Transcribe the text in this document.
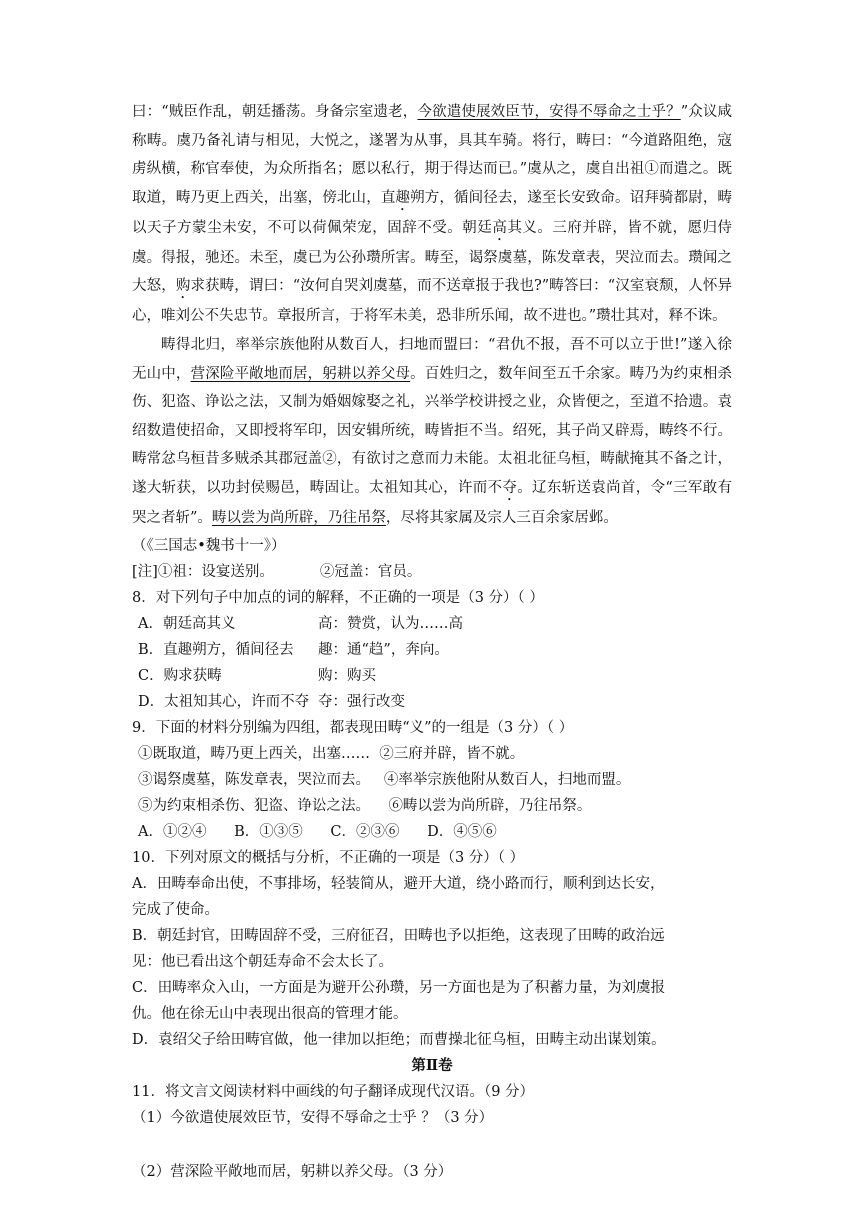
曰：“贼臣作乱，朝廷播荡。身备宗室遗老，今欲遣使展效臣节，安得不辱命之士乎？”众议咸称畴。虞乃备礼请与相见，大悦之，遂署为从事，具其车骑。将行，畴曰：“今道路阻绝，寇虏纵横，称官奉使，为众所指名；愿以私行，期于得达而已。”虞从之，虞自出祖①而遣之。既取道，畴乃更上西关，出塞，傍北山，直趣朔方，循间径去，遂至长安致命。诏拜骑都尉，畴以天子方蒙尘未安，不可以荷佩荣宠，固辞不受。朝廷高其义。三府并辟，皆不就，愿归侍虞。得报，驰还。未至，虞已为公孙瓒所害。畴至，谒祭虞墓，陈发章表，哭泣而去。瓒闻之大怒，购求获畴，谓曰：“汝何自哭刘虞墓，而不送章报于我也?”畴答曰：“汉室衰颓，人怀异心，唯刘公不失忠节。章报所言，于将军未美，恐非所乐闻，故不进也。”瓒壮其对，释不诛。

畴得北归，率举宗族他附从数百人，扫地而盟曰：“君仇不报，吾不可以立于世!”遂入徐无山中，营深险平敞地而居，躬耕以养父母。百姓归之，数年间至五千余家。畴乃为约束相杀伤、犯盗、诤讼之法，又制为婚姻嫁娶之礼，兴举学校讲授之业，众皆便之，至道不拾遗。袁绍数遣使招命，又即授将军印，因安辑所统，畴皆拒不当。绍死，其子尚又辟焉，畴终不行。畴常忿乌桓昔多贼杀其郡冠盖②，有欲讨之意而力未能。太祖北征乌桓，畴献掩其不备之计，遂大斩获，以功封侯赐邑，畴固让。太祖知其心，许而不夺。辽东斩送袁尚首，令“三军敢有哭之者斩”。畴以尝为尚所辟，乃往吊祭，尽将其家属及宗人三百余家居邺。

（《三国志•魏书十一》）

[注]①祖：设宴送别。          ②冠盖：官员。

8．对下列句子中加点的词的解释，不正确的一项是（3 分）（ ）

A．朝廷高其义	高：赞赏，认为……高

B．直趣朔方，循间径去 趣：通“趋”，奔向。

C．购求获畴	购：购买

D．太祖知其心，许而不夺 夺：强行改变

9．下面的材料分别编为四组，都表现田畴“义”的一组是（3 分）（ ）

①既取道，畴乃更上西关，出塞…… ②三府并辟，皆不就。

③谒祭虞墓，陈发章表，哭泣而去。 ④率举宗族他附从数百人，扫地而盟。

⑤为约束相杀伤、犯盗、诤讼之法。 ⑥畴以尝为尚所辟，乃往吊祭。

A．①②④      B．①③⑤      C．②③⑥      D．④⑤⑥

10．下列对原文的概括与分析，不正确的一项是（3 分）（ ）

A．田畴奉命出使，不事排场，轻装简从，避开大道，绕小路而行，顺利到达长安，

完成了使命。

B．朝廷封官，田畴固辞不受，三府征召，田畴也予以拒绝，这表现了田畴的政治远

见：他已看出这个朝廷寿命不会太长了。

C．田畴率众入山，一方面是为避开公孙瓒，另一方面也是为了积蓄力量，为刘虞报

仇。他在徐无山中表现出很高的管理才能。

D．袁绍父子给田畴官做，他一律加以拒绝；而曹操北征乌桓，田畴主动出谋划策。

第Ⅱ卷

11．将文言文阅读材料中画线的句子翻译成现代汉语。（9 分）

（1）今欲遣使展效臣节，安得不辱命之士乎 ？（3 分）

（2）营深险平敞地而居，躬耕以养父母。（3 分）
